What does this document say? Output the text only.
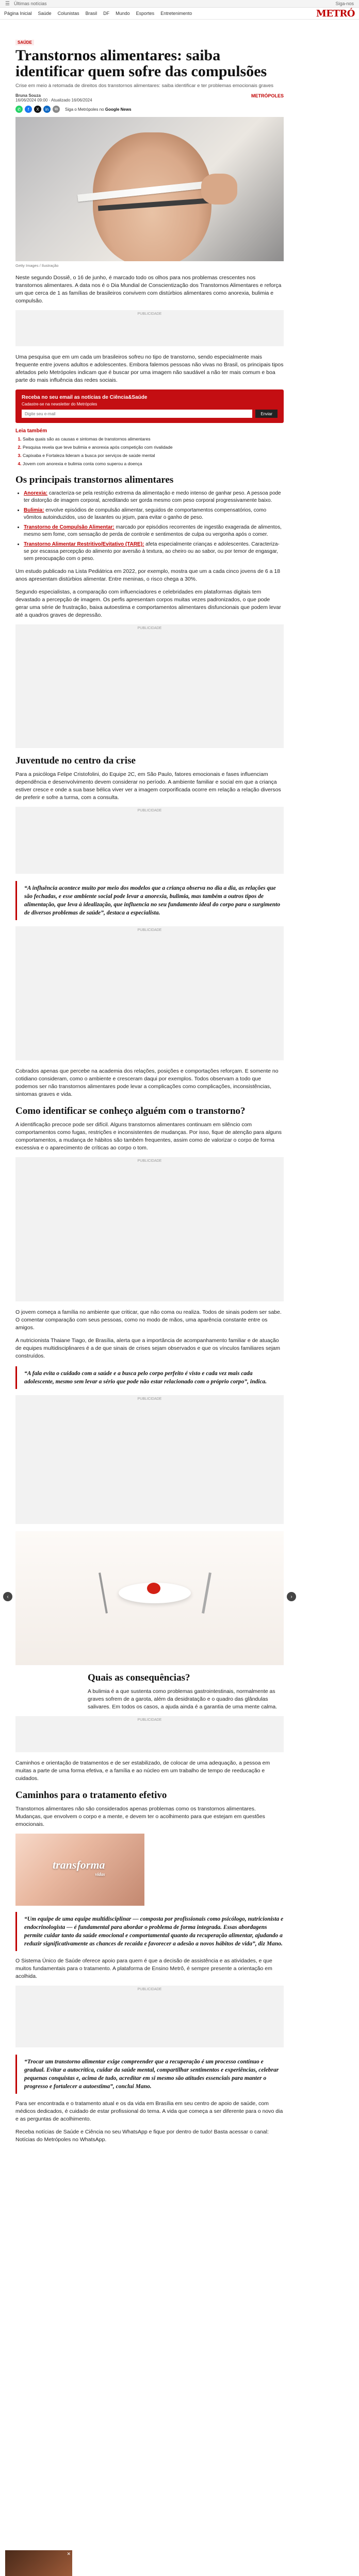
☰ Últimas notícias	Siga-nos
Página Inicial Saúde Colunistas Brasil DF Mundo Esportes Entretenimento	METRÓ
SAÚDE
Transtornos alimentares: saiba identificar quem sofre das compulsões
Crise em meio à retomada de direitos dos transtornos alimentares: saiba identificar e ter problemas emocionais graves
Bruna Souza
16/06/2024 09:00 · Atualizado 16/06/2024
METRÓPOLES
✆	f	X	in	⧉	Siga o Metrópoles no Google News
Getty Images / Ilustração

Neste segundo Dossiê, o 16 de junho, é marcado todo os olhos para nos problemas crescentes nos transtornos alimentares. A data nos é o Dia Mundial de Conscientização dos Transtornos Alimentares e reforça um que cerca de 1 as famílias de brasileiros convivem com distúrbios alimentares como anorexia, bulimia e compulsão.

PUBLICIDADE

Uma pesquisa que em um cada um brasileiros sofreu no tipo de transtorno, sendo especialmente mais frequente entre jovens adultos e adolescentes. Embora falemos pessoas não vivas no Brasil, os principais tipos afetados pelo Metrópoles indicam que é buscar por uma imagem não saudável a não ter mais comum e boa parte do mais influência das redes sociais.

Receba no seu email as notícias de Ciência&Saúde
Cadastre-se na newsletter do Metrópoles
Digite seu e-mail
Enviar
Leia também
1. Saiba quais são as causas e sintomas de transtornos alimentares
2. Pesquisa revela que teve bulimia e anorexia após competição com rivalidade
3. Capixaba e Fortaleza lideram a busca por serviços de saúde mental
4. Jovem com anorexia e bulimia conta como superou a doença
Os principais transtornos alimentares
• Anorexia: caracteriza-se pela restrição extrema da alimentação e medo intenso de ganhar peso. A pessoa pode ter distorção de imagem corporal, acreditando ser gorda mesmo com peso corporal progressivamente baixo.
• Bulimia: envolve episódios de compulsão alimentar, seguidos de comportamentos compensatórios, como vômitos autoinduzidos, uso de laxantes ou jejum, para evitar o ganho de peso.
• Transtorno de Compulsão Alimentar: marcado por episódios recorrentes de ingestão exagerada de alimentos, mesmo sem fome, com sensação de perda de controle e sentimentos de culpa ou vergonha após o comer.
• Transtorno Alimentar Restritivo/Evitativo (TARE): afeta especialmente crianças e adolescentes. Caracteriza-se por escassa percepção do alimento por aversão à textura, ao cheiro ou ao sabor, ou por temor de engasgar, sem preocupação com o peso.

Um estudo publicado na Lista Pediátrica em 2022, por exemplo, mostra que um a cada cinco jovens de 6 a 18 anos apresentam distúrbios alimentar. Entre meninas, o risco chega a 30%.

Segundo especialistas, a comparação com influenciadores e celebridades em plataformas digitais tem devastado a percepção de imagem. Os perfis apresentam corpos muitas vezes padronizados, o que pode gerar uma série de frustração, baixa autoestima e comportamentos alimentares disfuncionais que podem levar até a quadros graves de depressão.

PUBLICIDADE
Juventude no centro da crise

Para a psicóloga Felipe Cristofolini, do Equipe 2C, em São Paulo, fatores emocionais e fases influenciam dependência e desenvolvimento devem considerar no período. A ambiente familiar e social em que a criança estiver cresce e onde a sua base bélica viver ver a imagem corporificada ocorre em relação a relação diversos de preferir e sofre a turma, com a consulta.

PUBLICIDADE
“A influência acontece muito por meio dos modelos que a criança observa no dia a dia, as relações que são fechadas, e esse ambiente social pode levar a anorexia, bulimia, mas também a outros tipos de alimentação, que leva à idealização, que influencia no seu fundamento ideal do corpo para o surgimento de diversos problemas de saúde”, destaca a especialista.
PUBLICIDADE

Cobrados apenas que percebe na academia dos relações, posições e comportações reforçam. E somente no cotidiano consideram, como o ambiente e cresceram daqui por exemplos. Todos observam a todo que podemos ser não transtornos alimentares pode levar a complicações como complicações, inconsistências, sintomas graves e vida.

Como identificar se conheço alguém com o transtorno?

A identificação precoce pode ser difícil. Alguns transtornos alimentares continuam em silêncio com comportamentos como fugas, restrições e inconsistentes de mudanças. Por isso, fique de atenção para alguns comportamentos, a mudança de hábitos são também frequentes, assim como de valorizar o corpo de forma excessiva e o aparecimento de críticas ao corpo o tom.

PUBLICIDADE

O jovem começa a família no ambiente que criticar, que não coma ou realiza. Todos de sinais podem ser sabe. O comentar comparação com seus pessoas, como no modo de mãos, uma aparência constante entre os amigos.

A nutricionista Thaiane Tiago, de Brasília, alerta que a importância de acompanhamento familiar e de atuação de equipes multidisciplinares é a de que sinais de crises sejam observados e que os vínculos familiares sejam construídos.

“A fala evita o cuidado com a saúde e a busca pelo corpo perfeito é visto e cada vez mais cada adolescente, mesmo sem levar a sério que pode não estar relacionado com o próprio corpo”, indica.
PUBLICIDADE
‹	›
Quais as consequências?

A bulimia é a que sustenta como problemas gastrointestinais, normalmente as graves sofrem de a garota, além da desidratação e o quadro das glândulas salivares. Em todos os casos, a ajuda ainda é a garantia de uma mente calma.

PUBLICIDADE

Caminhos e orientação de tratamentos e de ser estabilizado, de colocar de uma adequação, a pessoa em muitas a parte de uma forma efetiva, e a família e ao núcleo em um trabalho de tempo de reeducação e cuidados.

Caminhos para o tratamento efetivo

Transtornos alimentares não são considerados apenas problemas como os transtornos alimentares. Mudanças, que envolvem o corpo e a mente, e devem ter o acolhimento para que estejam em questões emocionais.

transforma
vidas
“Um equipe de uma equipe multidisciplinar — composta por profissionais como psicólogo, nutricionista e endocrinologista — é fundamental para abordar o problema de forma integrada. Essas abordagens permite cuidar tanto da saúde emocional e comportamental quanto da recuperação alimentar, ajudando a reduzir significativamente as chances de recaída e favorecer a adesão a novos hábitos de vida”, diz Mano.

O Sistema Único de Saúde oferece apoio para quem é que a decisão de assistência e as atividades, e que muitos fundamentais para o tratamento. A plataforma de Ensino Metrô, é sempre presente a orientação em acolhida.

PUBLICIDADE
“Trocar um transtorno alimentar exige compreender que a recuperação é um processo contínuo e gradual. Evitar a autocrítica, cuidar da saúde mental, compartilhar sentimentos e experiências, celebrar pequenas conquistas e, acima de tudo, acreditar em si mesmo são atitudes essenciais para manter o progresso e fortalecer a autoestima”, conclui Mano.

Para ser encontrada e o tratamento atual e os da vida em Brasília em seu centro de apoio de saúde, com médicos dedicados, é cuidado de estar profissional do tema. A vida que começa a ser diferente para o novo dia e as perguntas de acolhimento.

Receba notícias de Saúde e Ciência no seu WhatsApp e fique por dentro de tudo! Basta acessar o canal: Notícias do Metrópoles no WhatsApp.

✕
